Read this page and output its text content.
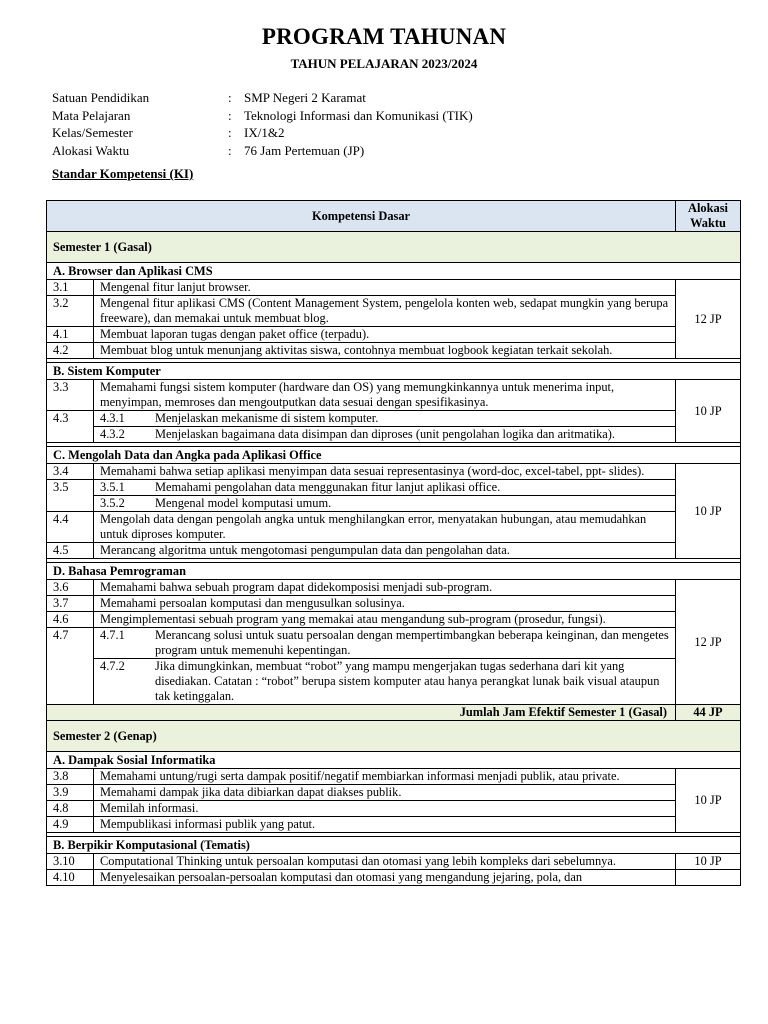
PROGRAM TAHUNAN
TAHUN PELAJARAN 2023/2024
Satuan Pendidikan	: SMP Negeri 2 Karamat
Mata Pelajaran	: Teknologi Informasi dan Komunikasi (TIK)
Kelas/Semester	: IX/1&2
Alokasi Waktu	: 76 Jam Pertemuan (JP)
Standar Kompetensi (KI)
Kompetensi Dasar		Alokasi Waktu
Semester 1 (Gasal)		
A. Browser dan Aplikasi CMS		
3.1	Mengenal fitur lanjut browser.	12 JP
3.2	Mengenal fitur aplikasi CMS (Content Management System, pengelola konten web, sedapat mungkin yang berupa freeware), dan memakai untuk membuat blog.	
4.1	Membuat laporan tugas dengan paket office (terpadu).	
4.2	Membuat blog untuk menunjang aktivitas siswa, contohnya membuat logbook kegiatan terkait sekolah.	

B. Sistem Komputer		
3.3	Memahami fungsi sistem komputer (hardware dan OS) yang memungkinkannya untuk menerima input, menyimpan, memroses dan mengoutputkan data sesuai dengan spesifikasinya.	10 JP
4.3	4.3.1 Menjelaskan mekanisme di sistem komputer.	

	4.3.2 Menjelaskan bagaimana data disimpan dan diproses (unit pengolahan logika dan aritmatika).	

C. Mengolah Data dan Angka pada Aplikasi Office		
3.4	Memahami bahwa setiap aplikasi menyimpan data sesuai representasinya (word-doc, excel-tabel, ppt- slides).	10 JP
3.5	3.5.1 Memahami pengolahan data menggunakan fitur lanjut aplikasi office.	

	3.5.2 Mengenal model komputasi umum.	

4.4	Mengolah data dengan pengolah angka untuk menghilangkan error, menyatakan hubungan, atau memudahkan untuk diproses komputer.	
4.5	Merancang algoritma untuk mengotomasi pengumpulan data dan pengolahan data.	

D. Bahasa Pemrograman		
3.6	Memahami bahwa sebuah program dapat didekomposisi menjadi sub-program.	12 JP
3.7	Memahami persoalan komputasi dan mengusulkan solusinya.	
4.6	Mengimplementasi sebuah program yang memakai atau mengandung sub-program (prosedur, fungsi).	
4.7	4.7.1 Merancang solusi untuk suatu persoalan dengan mempertimbangkan beberapa keinginan, dan mengetes program untuk memenuhi kepentingan.	

	4.7.2 Jika dimungkinkan, membuat “robot” yang mampu mengerjakan tugas sederhana dari kit yang disediakan. Catatan : “robot” berupa sistem komputer atau hanya perangkat lunak baik visual ataupun tak ketinggalan.	

Jumlah Jam Efektif Semester 1 (Gasal)		44 JP
Semester 2 (Genap)		
A. Dampak Sosial Informatika		
3.8	Memahami untung/rugi serta dampak positif/negatif membiarkan informasi menjadi publik, atau private.	10 JP
3.9	Memahami dampak jika data dibiarkan dapat diakses publik.	
4.8	Memilah informasi.	
4.9	Mempublikasi informasi publik yang patut.	

B. Berpikir Komputasional (Tematis)		
3.10	Computational Thinking untuk persoalan komputasi dan otomasi yang lebih kompleks dari sebelumnya.	10 JP
4.10	Menyelesaikan persoalan-persoalan komputasi dan otomasi yang mengandung jejaring, pola, dan	
